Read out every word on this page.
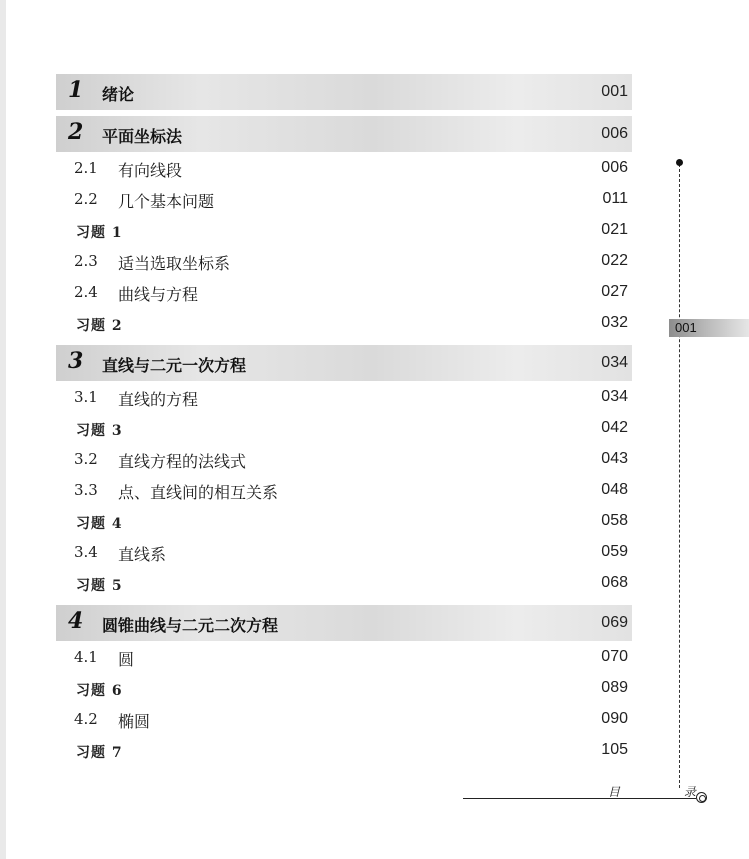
1 绪论	001
2 平面坐标法	006
2.1 有向线段	006
2.2 几个基本问题	011
习题 1	021
2.3 适当选取坐标系	022
2.4 曲线与方程	027
习题 2	032
3 直线与二元一次方程	034
3.1 直线的方程	034
习题 3	042
3.2 直线方程的法线式	043
3.3 点、直线间的相互关系	048
习题 4	058
3.4 直线系	059
习题 5	068
4 圆锥曲线与二元二次方程	069
4.1 圆	070
习题 6	089
4.2 椭圆	090
习题 7	105
001
目 录
